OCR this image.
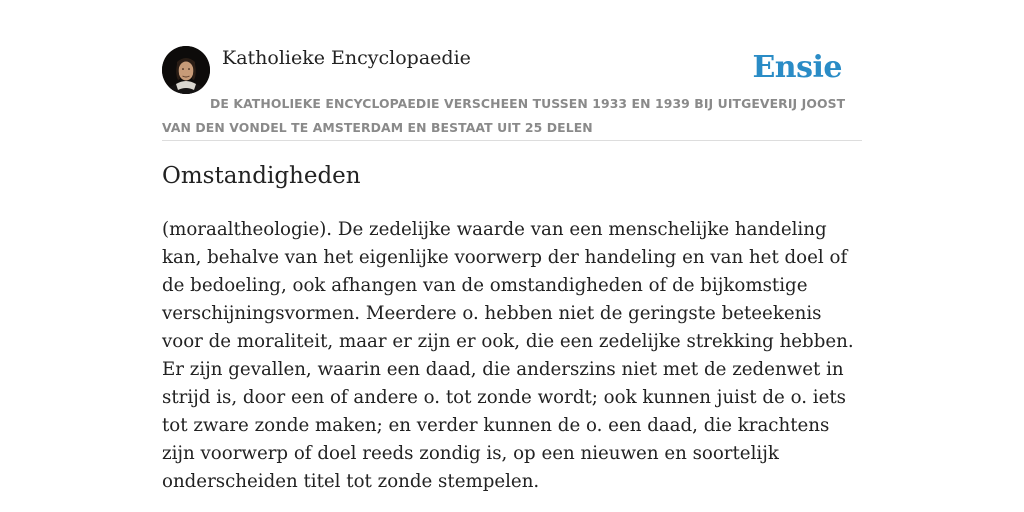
Katholieke Encyclopaedie	Ensie
DE KATHOLIEKE ENCYCLOPAEDIE VERSCHEEN TUSSEN 1933 EN 1939 BIJ UITGEVERIJ JOOST VAN DEN VONDEL TE AMSTERDAM EN BESTAAT UIT 25 DELEN
Omstandigheden

(moraaltheologie). De zedelijke waarde van een menschelijke handeling kan, behalve van het eigenlijke voorwerp der handeling en van het doel of de bedoeling, ook afhangen van de omstandigheden of de bijkomstige verschijningsvormen. Meerdere o. hebben niet de geringste beteekenis voor de moraliteit, maar er zijn er ook, die een zedelijke strekking hebben. Er zijn gevallen, waarin een daad, die anderszins niet met de zedenwet in strijd is, door een of andere o. tot zonde wordt; ook kunnen juist de o. iets tot zware zonde maken; en verder kunnen de o. een daad, die krachtens zijn voorwerp of doel reeds zondig is, op een nieuwen en soortelijk onderscheiden titel tot zonde stempelen.
